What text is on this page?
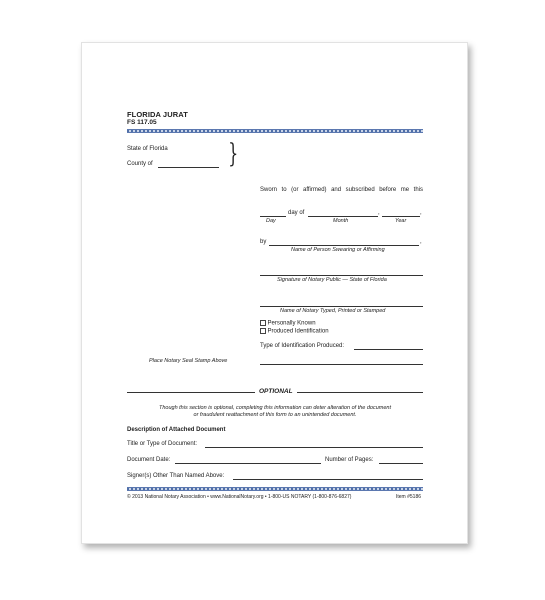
FLORIDA JURAT
FS 117.05
State of Florida
County of	}
Sworn to (or affirmed) and subscribed before me this
day of	,	,
Day	Month	Year
by	,
Name of Person Swearing or Affirming
Signature of Notary Public — State of Florida
Name of Notary Typed, Printed or Stamped
Personally Known
Produced Identification
Type of Identification Produced:
Place Notary Seal Stamp Above
OPTIONAL
Though this section is optional, completing this information can deter alteration of the document
or fraudulent reattachment of this form to an unintended document.
Description of Attached Document
Title or Type of Document:
Document Date:	Number of Pages:
Signer(s) Other Than Named Above:
© 2013 National Notary Association • www.NationalNotary.org • 1-800-US NOTARY (1-800-876-6827)	Item #5186
